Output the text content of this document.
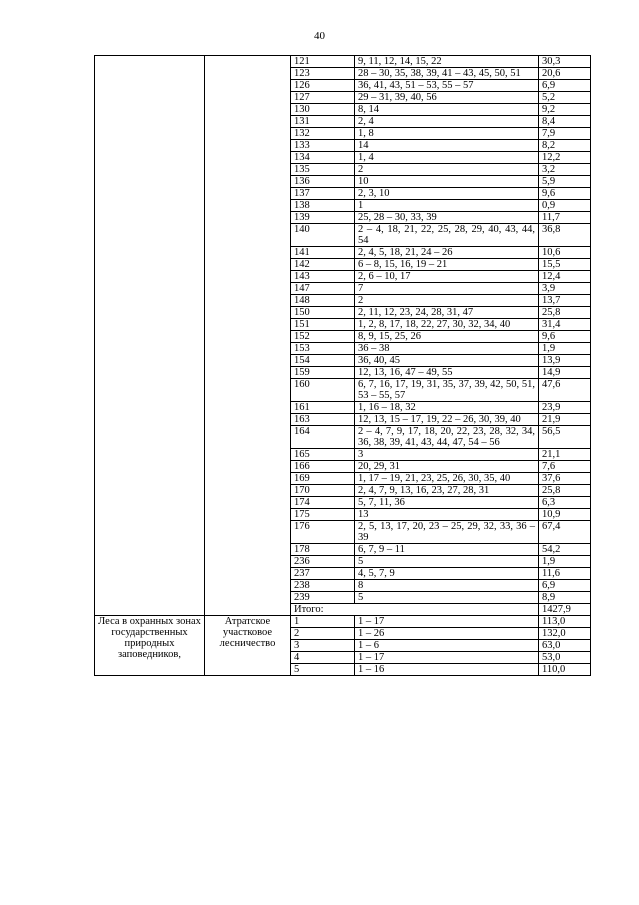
40
		121	9, 11, 12, 14, 15, 22	30,3
		123	28 – 30, 35, 38, 39, 41 – 43, 45, 50, 51	20,6
		126	36, 41, 43, 51 – 53, 55 – 57	6,9
		127	29 – 31, 39, 40, 56	5,2
		130	8, 14	9,2
		131	2, 4	8,4
		132	1, 8	7,9
		133	14	8,2
		134	1, 4	12,2
		135	2	3,2
		136	10	5,9
		137	2, 3, 10	9,6
		138	1	0,9
		139	25, 28 – 30, 33, 39	11,7
		140	2 – 4, 18, 21, 22, 25, 28, 29, 40, 43, 44, 54	36,8
		141	2, 4, 5, 18, 21, 24 – 26	10,6
		142	6 – 8, 15, 16, 19 – 21	15,5
		143	2, 6 – 10, 17	12,4
		147	7	3,9
		148	2	13,7
		150	2, 11, 12, 23, 24, 28, 31, 47	25,8
		151	1, 2, 8, 17, 18, 22, 27, 30, 32, 34, 40	31,4
		152	8, 9, 15, 25, 26	9,6
		153	36 – 38	1,9
		154	36, 40, 45	13,9
		159	12, 13, 16, 47 – 49, 55	14,9
		160	6, 7, 16, 17, 19, 31, 35, 37, 39, 42, 50, 51, 53 – 55, 57	47,6
		161	1, 16 – 18, 32	23,9
		163	12, 13, 15 – 17, 19, 22 – 26, 30, 39, 40	21,9
		164	2 – 4, 7, 9, 17, 18, 20, 22, 23, 28, 32, 34, 36, 38, 39, 41, 43, 44, 47, 54 – 56	56,5
		165	3	21,1
		166	20, 29, 31	7,6
		169	1, 17 – 19, 21, 23, 25, 26, 30, 35, 40	37,6
		170	2, 4, 7, 9, 13, 16, 23, 27, 28, 31	25,8
		174	5, 7, 11, 36	6,3
		175	13	10,9
		176	2, 5, 13, 17, 20, 23 – 25, 29, 32, 33, 36 – 39	67,4
		178	6, 7, 9 – 11	54,2
		236	5	1,9
		237	4, 5, 7, 9	11,6
		238	8	6,9
		239	5	8,9
		Итого:		1427,9
Леса в охранных зонах государственных природных заповедников,	Атратское участковое лесничество	1	1 – 17	113,0
		2	1 – 26	132,0
		3	1 – 6	63,0
		4	1 – 17	53,0
		5	1 – 16	110,0
